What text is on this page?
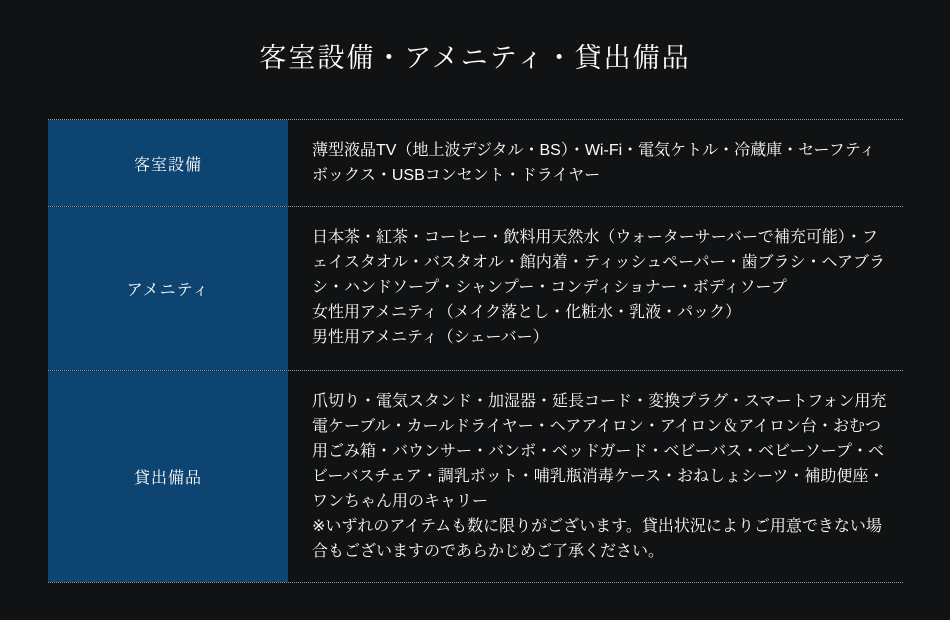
客室設備・アメニティ・貸出備品
客室設備

薄型液晶TV（地上波デジタル・BS）・Wi-Fi・電気ケトル・冷蔵庫・セーフティボックス・USBコンセント・ドライヤー

アメニティ

日本茶・紅茶・コーヒー・飲料用天然水（ウォーターサーバーで補充可能）・フェイスタオル・バスタオル・館内着・ティッシュペーパー・歯ブラシ・ヘアブラシ・ハンドソープ・シャンプー・コンディショナー・ボディソープ

女性用アメニティ（メイク落とし・化粧水・乳液・パック）

男性用アメニティ（シェーバー）

貸出備品

爪切り・電気スタンド・加湿器・延長コード・変換プラグ・スマートフォン用充電ケーブル・カールドライヤー・ヘアアイロン・アイロン＆アイロン台・おむつ用ごみ箱・バウンサー・バンボ・ベッドガード・ベビーバス・ベビーソープ・ベビーバスチェア・調乳ポット・哺乳瓶消毒ケース・おねしょシーツ・補助便座・ワンちゃん用のキャリー

※いずれのアイテムも数に限りがございます。貸出状況によりご用意できない場合もございますのであらかじめご了承ください。
